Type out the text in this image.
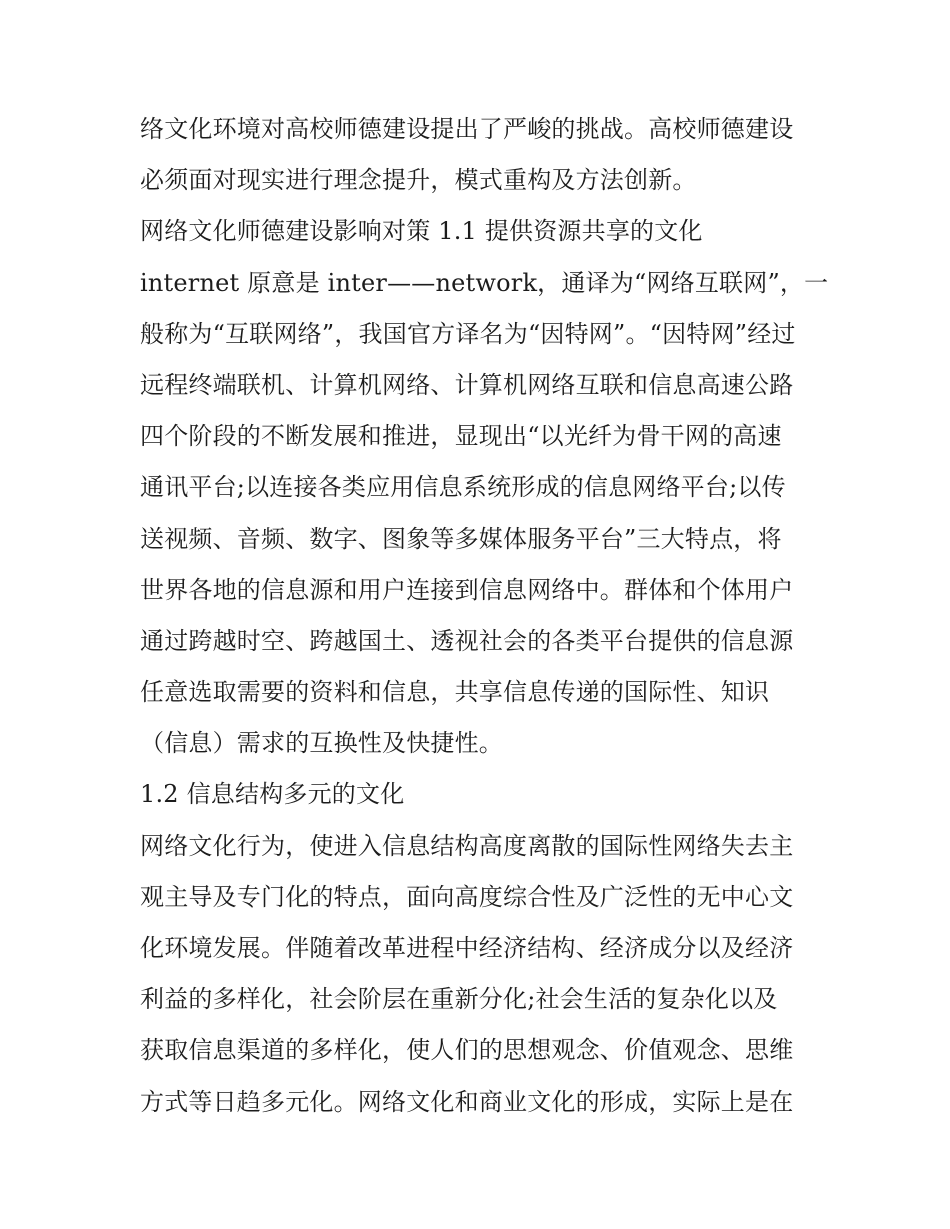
络文化环境对高校师德建设提出了严峻的挑战。高校师德建设
必须面对现实进行理念提升，模式重构及方法创新。
网络文化师德建设影响对策 1.1 提供资源共享的文化
internet 原意是 inter——network，通译为“网络互联网”，一
般称为“互联网络”，我国官方译名为“因特网”。“因特网”经过
远程终端联机、计算机网络、计算机网络互联和信息高速公路
四个阶段的不断发展和推进，显现出“以光纤为骨干网的高速
通讯平台;以连接各类应用信息系统形成的信息网络平台;以传
送视频、音频、数字、图象等多媒体服务平台”三大特点，将
世界各地的信息源和用户连接到信息网络中。群体和个体用户
通过跨越时空、跨越国土、透视社会的各类平台提供的信息源
任意选取需要的资料和信息，共享信息传递的国际性、知识
（信息）需求的互换性及快捷性。
1.2 信息结构多元的文化
网络文化行为，使进入信息结构高度离散的国际性网络失去主
观主导及专门化的特点，面向高度综合性及广泛性的无中心文
化环境发展。伴随着改革进程中经济结构、经济成分以及经济
利益的多样化，社会阶层在重新分化;社会生活的复杂化以及
获取信息渠道的多样化，使人们的思想观念、价值观念、思维
方式等日趋多元化。网络文化和商业文化的形成，实际上是在
